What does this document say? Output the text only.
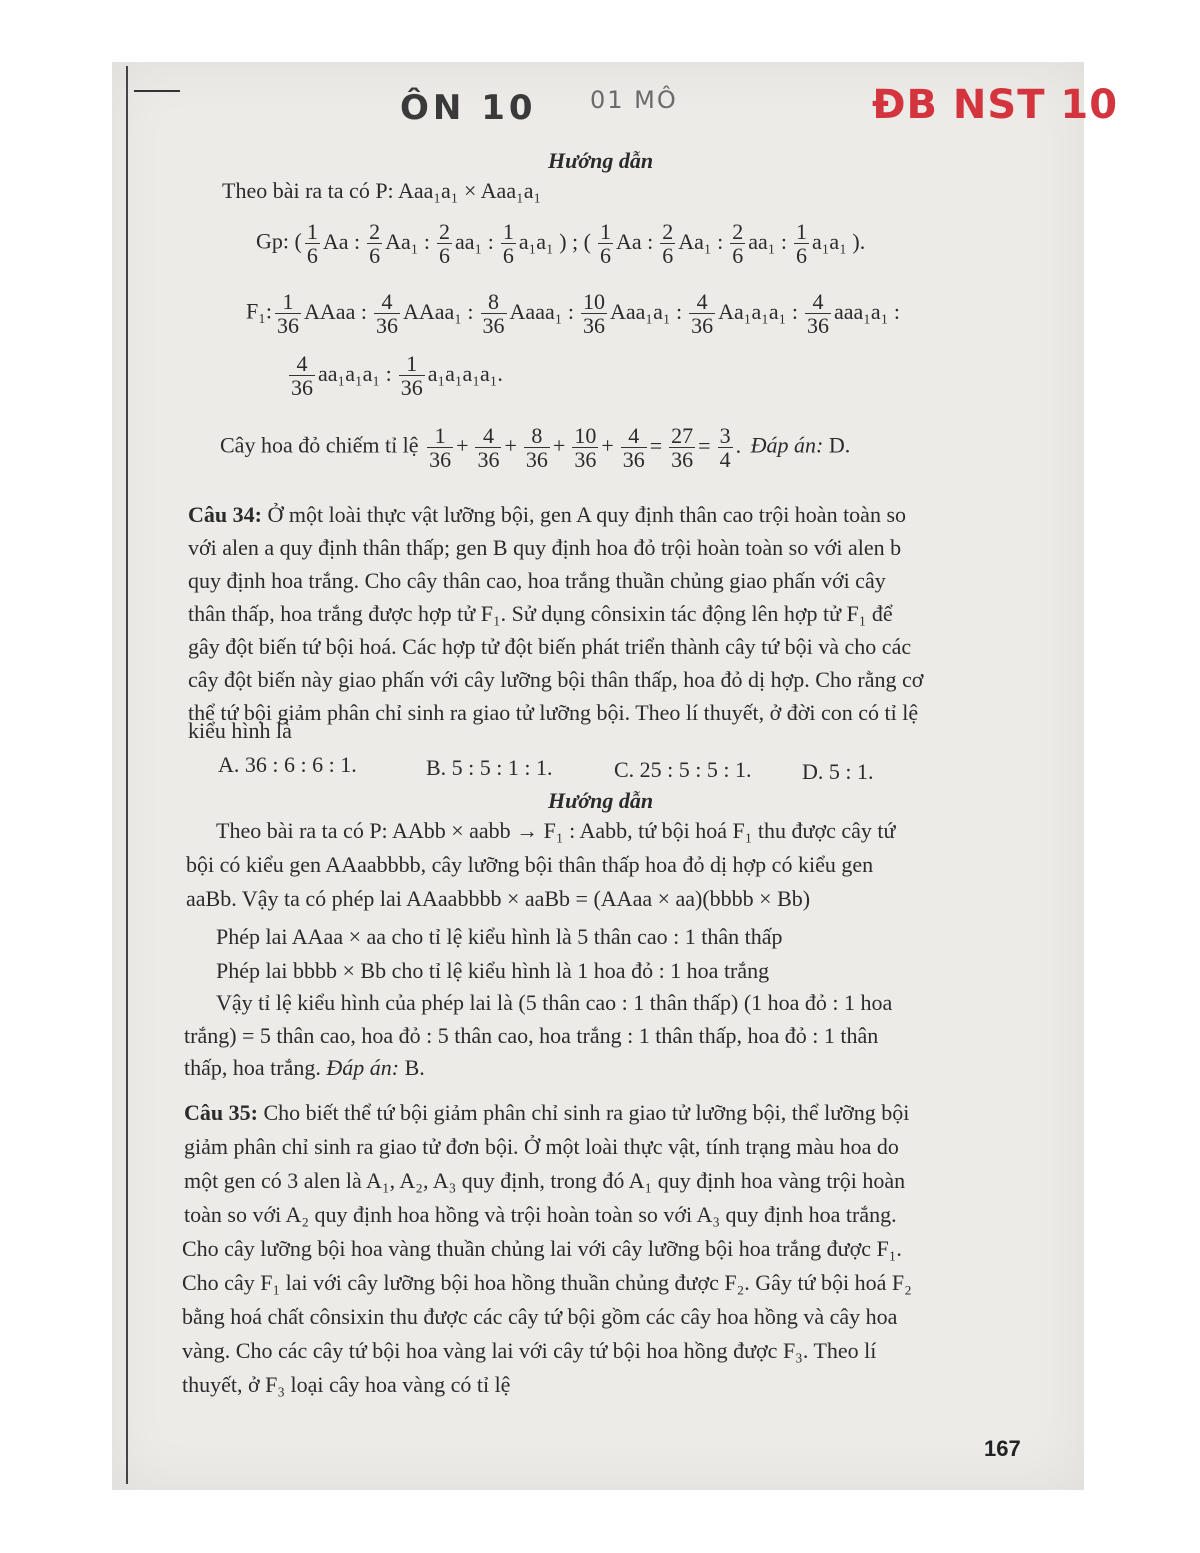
ÔN 10 01 MÔ	ĐB NST 10
Hướng dẫn
Theo bài ra ta có P: Aaa₁a₁ × Aaa₁a₁
Gp: ( $\frac{1}{6}$ Aa : $\frac{2}{6} Aa_1$ : $\frac{2}{6} aa_1$ : $\frac{1}{6} a_1a_1$ ) ; ( $\frac{1}{6}$ Aa : $\frac{2}{6} Aa_1$ : $\frac{2}{6} aa_1$ : $\frac{1}{6} a_1a_1$ ).
F₁: $\frac{1}{36}$ AAaa : $\frac{4}{36}$ AAaa₁ : $\frac{8}{36}$ Aaaa₁ : $\frac{10}{36} Aaa_1a_1$ : $\frac{4}{36} Aa_1a_1a_1$ : $\frac{4}{36} aaa_1a_1$ :
$\frac{4}{36} aa_1a_1a_1$ : $\frac{1}{36} a_1a_1a_1a_1$.
Cây hoa đỏ chiếm tỉ lệ $\frac{1}{36} + \frac{4}{36} + \frac{8}{36} + \frac{10}{36} + \frac{4}{36} = \frac{27}{36} = \frac{3}{4}$ . Đáp án: D.
Câu 34: Ở một loài thực vật lưỡng bội, gen A quy định thân cao trội hoàn toàn so
với alen a quy định thân thấp; gen B quy định hoa đỏ trội hoàn toàn so với alen b
quy định hoa trắng. Cho cây thân cao, hoa trắng thuần chủng giao phấn với cây
thân thấp, hoa trắng được hợp tử F₁. Sử dụng cônsixin tác động lên hợp tử F₁ để
gây đột biến tứ bội hoá. Các hợp tử đột biến phát triển thành cây tứ bội và cho các
cây đột biến này giao phấn với cây lưỡng bội thân thấp, hoa đỏ dị hợp. Cho rằng cơ
thể tứ bội giảm phân chỉ sinh ra giao tử lưỡng bội. Theo lí thuyết, ở đời con có tỉ lệ
kiểu hình là
A. 36 : 6 : 6 : 1.	B. 5 : 5 : 1 : 1.	C. 25 : 5 : 5 : 1. D. 5 : 1.
Hướng dẫn
Theo bài ra ta có P: AAbb × aabb → F₁ : Aabb, tứ bội hoá F₁ thu được cây tứ
bội có kiểu gen AAaabbbb, cây lưỡng bội thân thấp hoa đỏ dị hợp có kiểu gen
aaBb. Vậy ta có phép lai AAaabbbb × aaBb = (AAaa × aa)(bbbb × Bb)
Phép lai AAaa × aa cho tỉ lệ kiểu hình là 5 thân cao : 1 thân thấp
Phép lai bbbb × Bb cho tỉ lệ kiểu hình là 1 hoa đỏ : 1 hoa trắng
Vậy tỉ lệ kiểu hình của phép lai là (5 thân cao : 1 thân thấp) (1 hoa đỏ : 1 hoa
trắng) = 5 thân cao, hoa đỏ : 5 thân cao, hoa trắng : 1 thân thấp, hoa đỏ : 1 thân
thấp, hoa trắng. Đáp án: B.
Câu 35: Cho biết thể tứ bội giảm phân chỉ sinh ra giao tử lưỡng bội, thể lưỡng bội
giảm phân chỉ sinh ra giao tử đơn bội. Ở một loài thực vật, tính trạng màu hoa do
một gen có 3 alen là A₁, A₂, A₃ quy định, trong đó A₁ quy định hoa vàng trội hoàn
toàn so với A₂ quy định hoa hồng và trội hoàn toàn so với A₃ quy định hoa trắng.
Cho cây lưỡng bội hoa vàng thuần chủng lai với cây lưỡng bội hoa trắng được F₁.
Cho cây F₁ lai với cây lưỡng bội hoa hồng thuần chủng được F₂. Gây tứ bội hoá F₂
bằng hoá chất cônsixin thu được các cây tứ bội gồm các cây hoa hồng và cây hoa
vàng. Cho các cây tứ bội hoa vàng lai với cây tứ bội hoa hồng được F₃. Theo lí
thuyết, ở F₃ loại cây hoa vàng có tỉ lệ
167
